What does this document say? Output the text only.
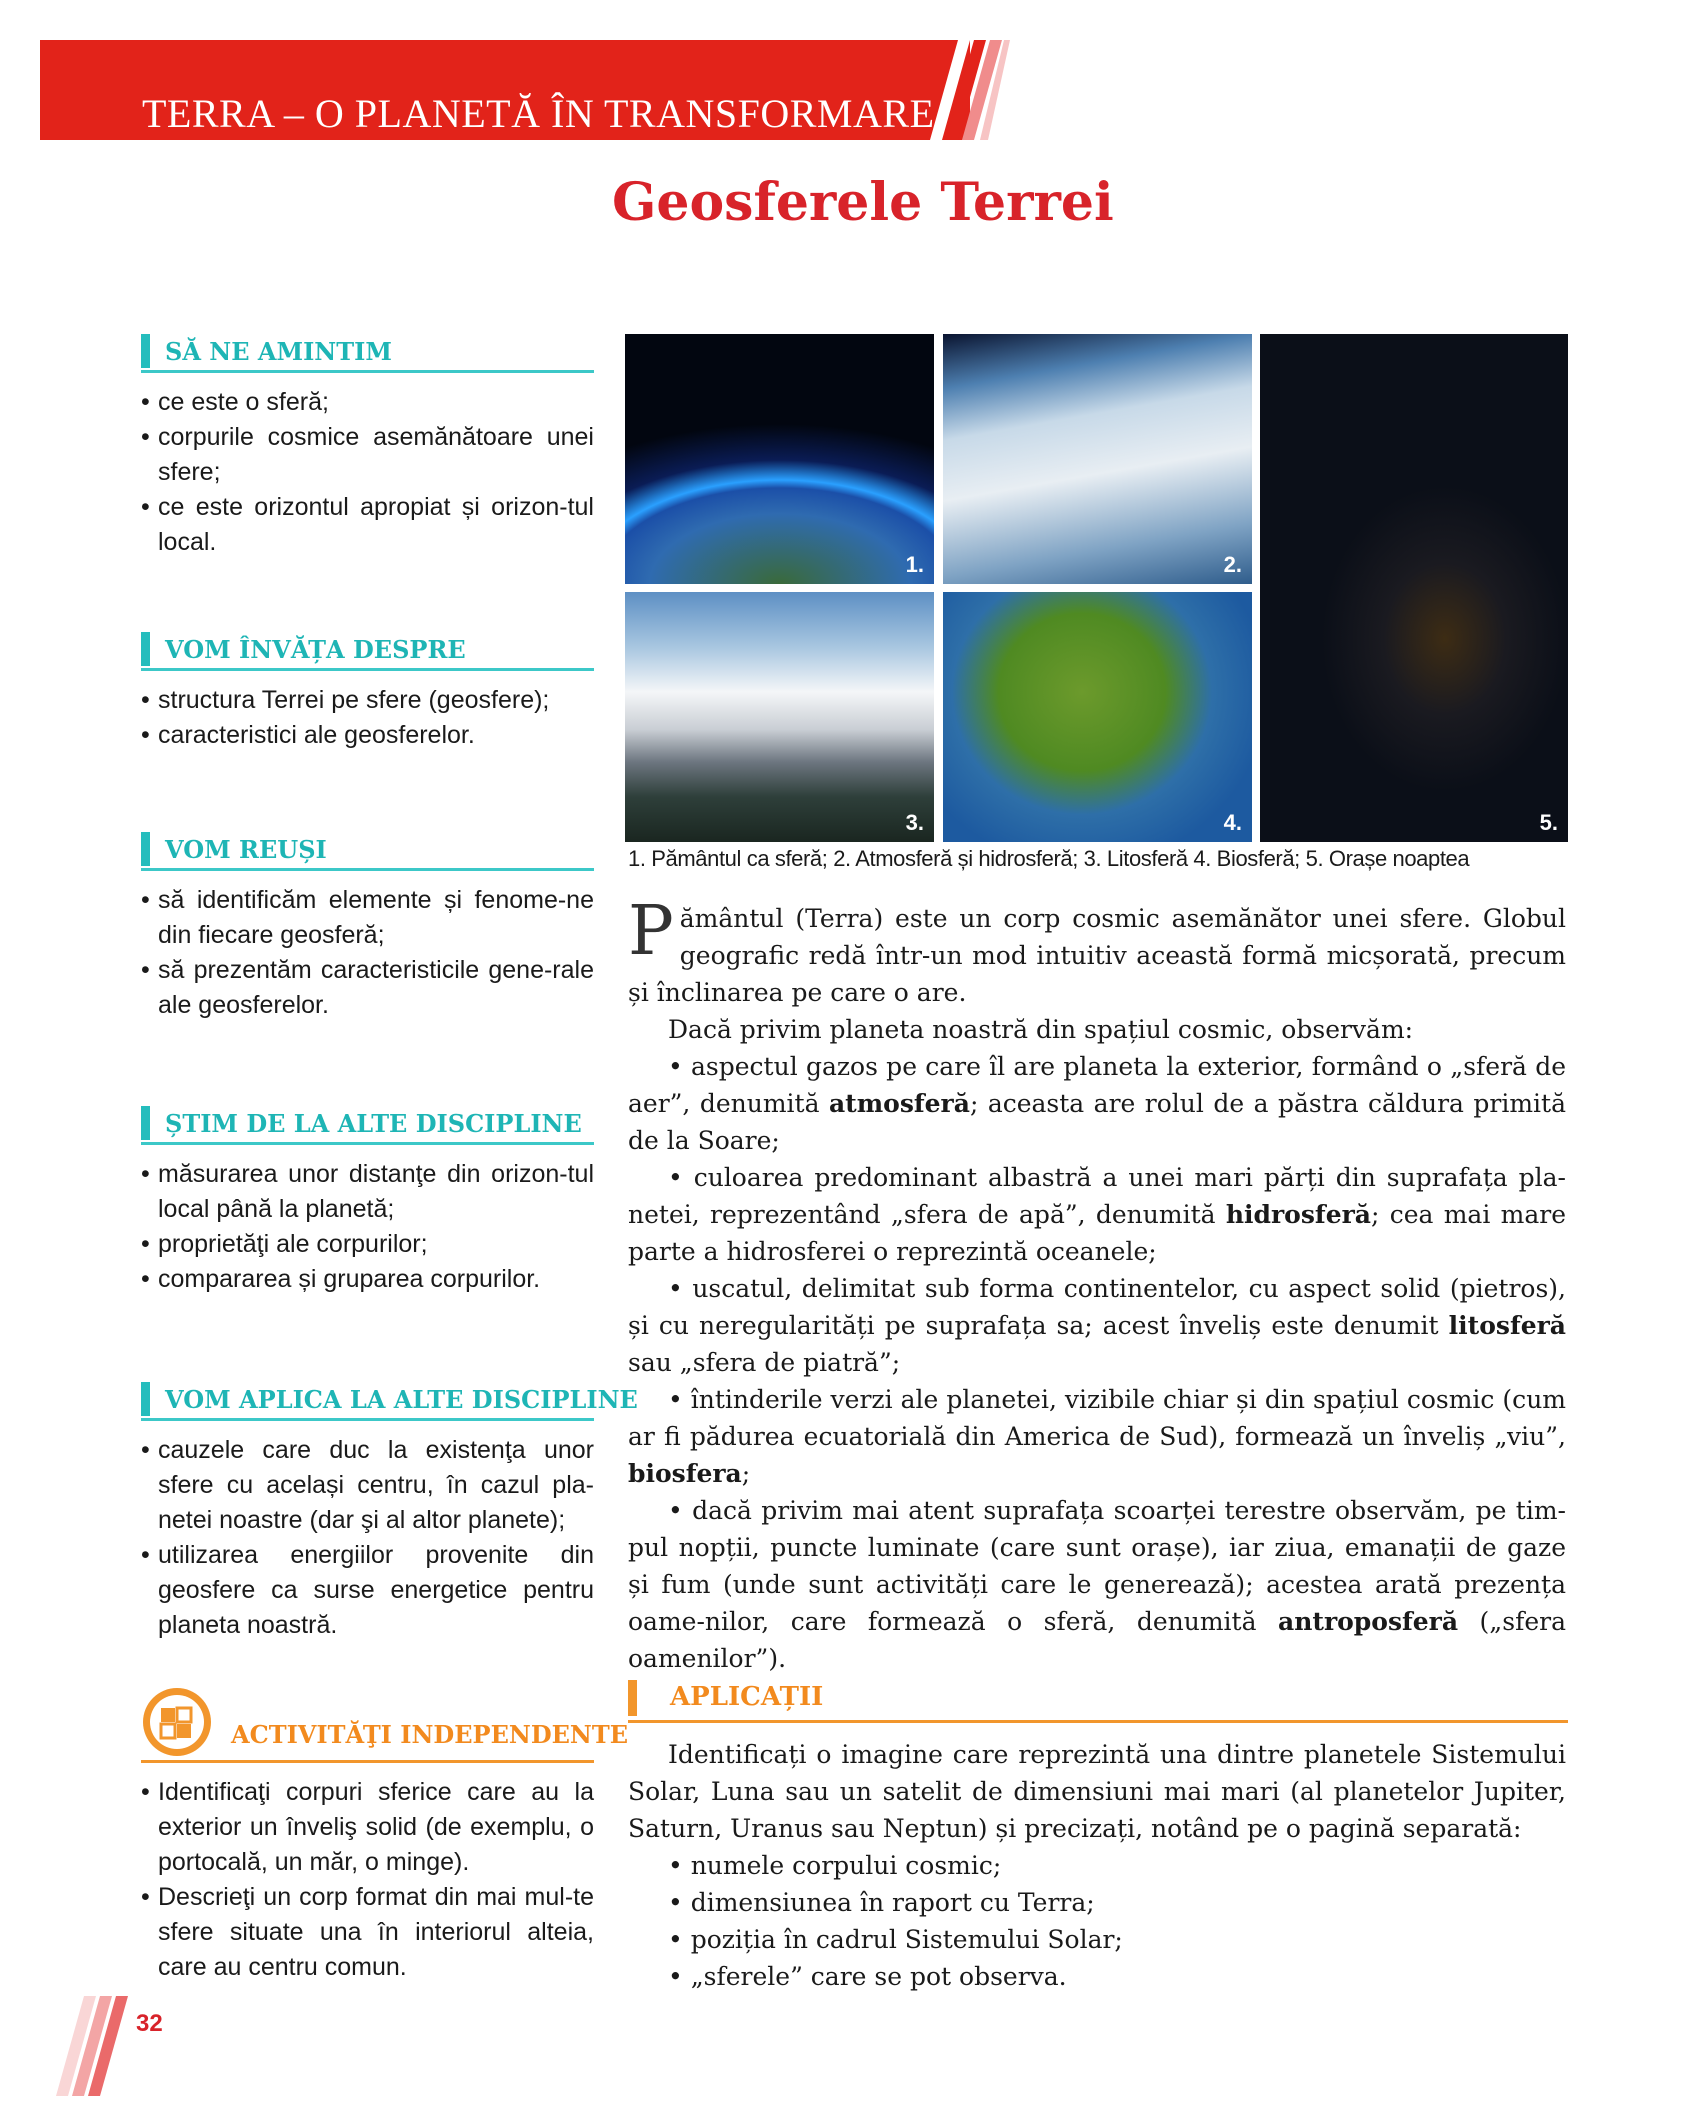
TERRA – O PLANETĂ ÎN TRANSFORMARE
Geosferele Terrei
SĂ NE AMINTIM
• ce este o sferă;
• corpurile cosmice asemănătoare unei sfere;
• ce este orizontul apropiat și orizon-tul local.
VOM ÎNVĂȚA DESPRE
• structura Terrei pe sfere (geosfere);
• caracteristici ale geosferelor.
VOM REUȘI
• să identificăm elemente și fenome-ne din fiecare geosferă;
• să prezentăm caracteristicile gene-rale ale geosferelor.
ȘTIM DE LA ALTE DISCIPLINE
• măsurarea unor distanţe din orizon-tul local până la planetă;
• proprietăţi ale corpurilor;
• compararea și gruparea corpurilor.
VOM APLICA LA ALTE DISCIPLINE
• cauzele care duc la existenţa unor sfere cu același centru, în cazul pla-netei noastre (dar şi al altor planete);
• utilizarea energiilor provenite din geosfere ca surse energetice pentru planeta noastră.
ACTIVITĂŢI INDEPENDENTE
• Identificaţi corpuri sferice care au la exterior un înveliş solid (de exemplu, o portocală, un măr, o minge).
• Descrieţi un corp format din mai mul-te sfere situate una în interiorul alteia, care au centru comun.
1.	2.
3.	4.	5.
1. Pământul ca sferă; 2. Atmosferă și hidrosferă; 3. Litosferă 4. Biosferă; 5. Orașe noaptea

Pământul (Terra) este un corp cosmic asemănător unei sfere. Globul geografic redă într-un mod intuitiv această formă micșorată, precum și înclinarea pe care o are.

Dacă privim planeta noastră din spațiul cosmic, observăm:

• aspectul gazos pe care îl are planeta la exterior, formând o „sferă de aer”, denumită atmosferă; aceasta are rolul de a păstra căldura primită de la Soare;

• culoarea predominant albastră a unei mari părți din suprafața pla-netei, reprezentând „sfera de apă”, denumită hidrosferă; cea mai mare parte a hidrosferei o reprezintă oceanele;

• uscatul, delimitat sub forma continentelor, cu aspect solid (pietros), și cu neregularități pe suprafața sa; acest înveliș este denumit litosferă sau „sfera de piatră”;

• întinderile verzi ale planetei, vizibile chiar și din spațiul cosmic (cum ar fi pădurea ecuatorială din America de Sud), formează un înveliș „viu”, biosfera;

• dacă privim mai atent suprafața scoarței terestre observăm, pe tim-pul nopții, puncte luminate (care sunt orașe), iar ziua, emanații de gaze și fum (unde sunt activități care le generează); acestea arată prezența oame-nilor, care formează o sferă, denumită antroposferă („sfera oamenilor”).

APLICAȚII

Identificați o imagine care reprezintă una dintre planetele Sistemului Solar, Luna sau un satelit de dimensiuni mai mari (al planetelor Jupiter, Saturn, Uranus sau Neptun) și precizați, notând pe o pagină separată:

• numele corpului cosmic;
• dimensiunea în raport cu Terra;
• poziția în cadrul Sistemului Solar;
• „sferele” care se pot observa.
32
